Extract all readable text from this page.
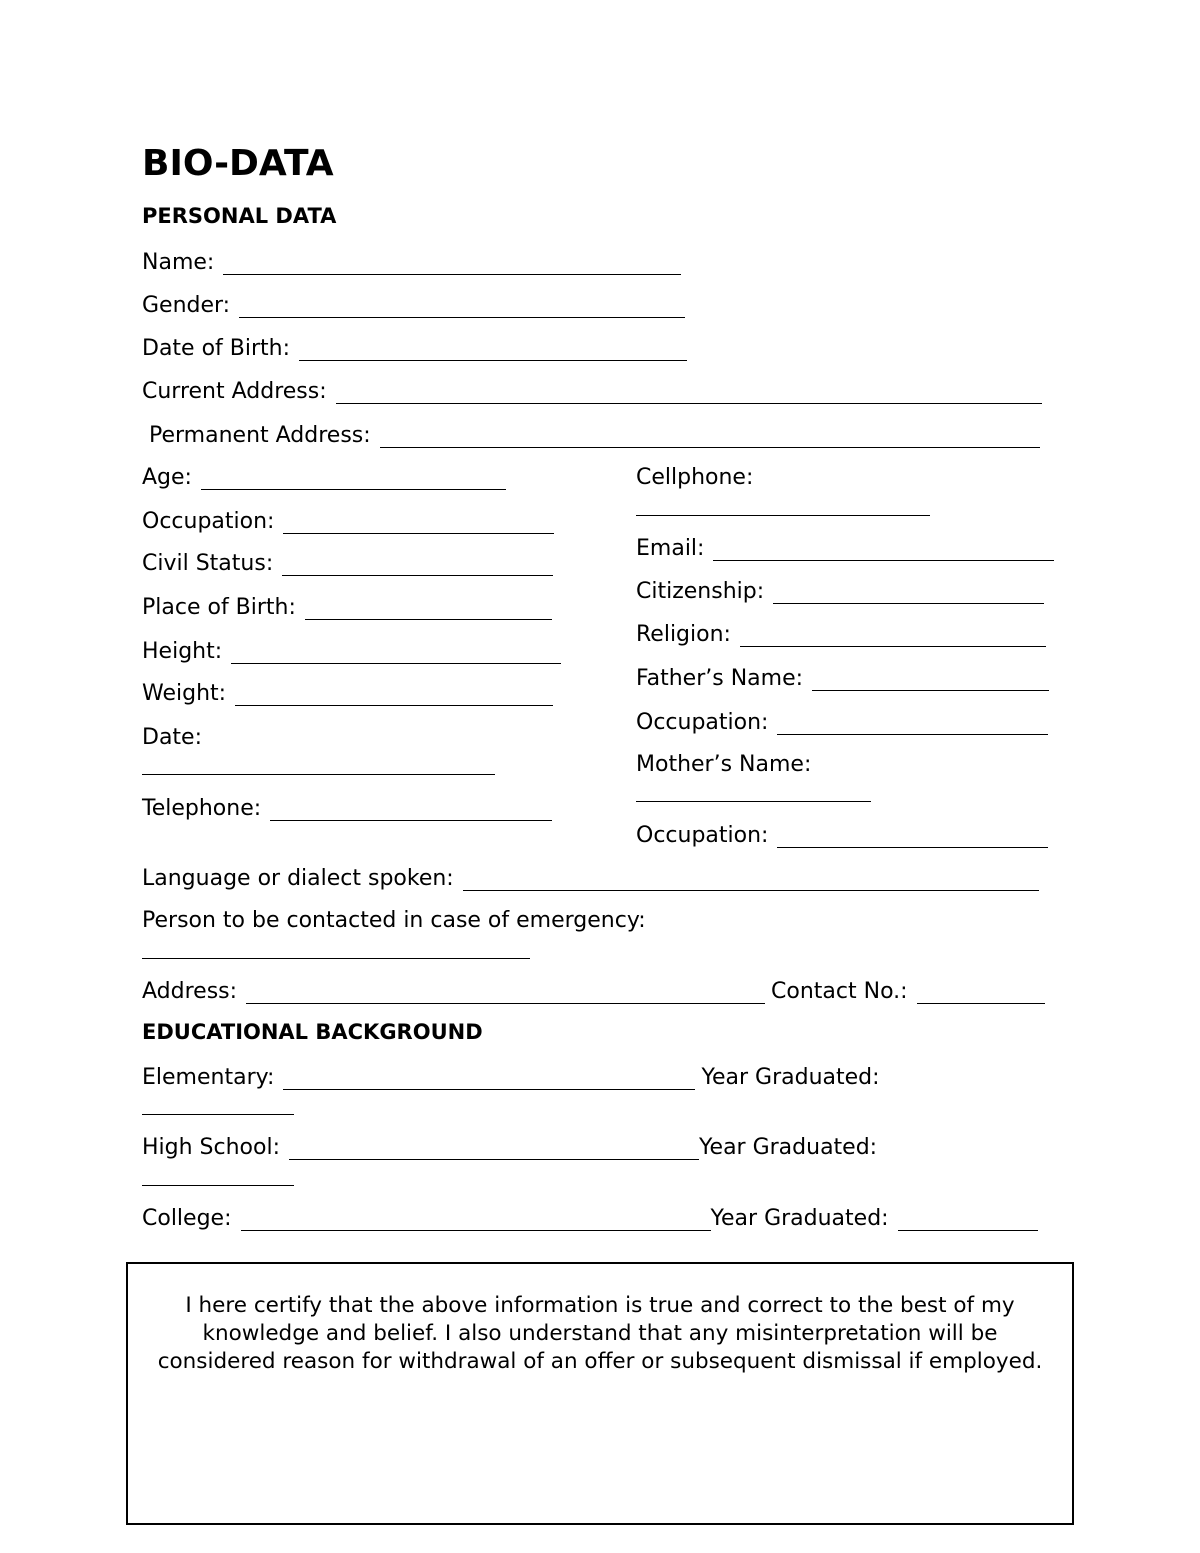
BIO-DATA
PERSONAL DATA
Name:
Gender:
Date of Birth:
Current Address:
Permanent Address:
Age:
Occupation:
Civil Status:
Place of Birth:
Height:
Weight:
Date:
Telephone:
Cellphone:
Email:
Citizenship:
Religion:
Father’s Name:
Occupation:
Mother’s Name:
Occupation:
Language or dialect spoken:
Person to be contacted in case of emergency:
Address:	Contact No.:
EDUCATIONAL BACKGROUND
Elementary:	Year Graduated:
High School:	Year Graduated:
College:	Year Graduated:
I here certify that the above information is true and correct to the best of my knowledge and belief. I also understand that any misinterpretation will be considered reason for withdrawal of an offer or subsequent dismissal if employed.
